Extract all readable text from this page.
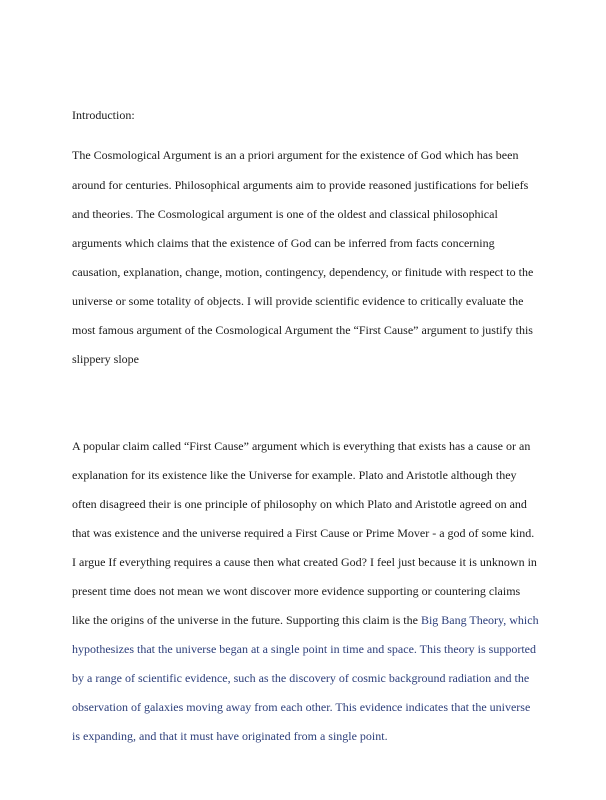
Introduction:
The Cosmological Argument is an a priori argument for the existence of God which has been
around for centuries. Philosophical arguments aim to provide reasoned justifications for beliefs
and theories. The Cosmological argument is one of the oldest and classical philosophical
arguments which claims that the existence of God can be inferred from facts concerning
causation, explanation, change, motion, contingency, dependency, or finitude with respect to the
universe or some totality of objects. I will provide scientific evidence to critically evaluate the
most famous argument of the Cosmological Argument the “First Cause” argument to justify this
slippery slope
A popular claim called “First Cause” argument which is everything that exists has a cause or an
explanation for its existence like the Universe for example. Plato and Aristotle although they
often disagreed their is one principle of philosophy on which Plato and Aristotle agreed on and
that was existence and the universe required a First Cause or Prime Mover - a god of some kind.
I argue If everything requires a cause then what created God? I feel just because it is unknown in
present time does not mean we wont discover more evidence supporting or countering claims
like the origins of the universe in the future. Supporting this claim is the Big Bang Theory, which
hypothesizes that the universe began at a single point in time and space. This theory is supported
by a range of scientific evidence, such as the discovery of cosmic background radiation and the
observation of galaxies moving away from each other. This evidence indicates that the universe
is expanding, and that it must have originated from a single point.
